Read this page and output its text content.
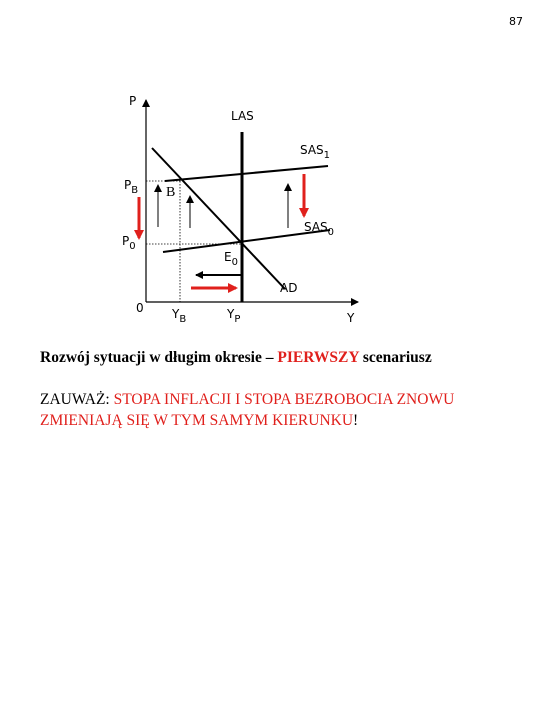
87
P
LAS
$SAS_1$
$P_B$ B
$SAS_0$
$P_0$
$E_0$
AD
0 $Y_B$	$Y_P$	Y
Rozwój sytuacji w długim okresie – PIERWSZY scenariusz
ZAUWAŻ: STOPA INFLACJI I STOPA BEZROBOCIA ZNOWU ZMIENIAJĄ SIĘ W TYM SAMYM KIERUNKU!
